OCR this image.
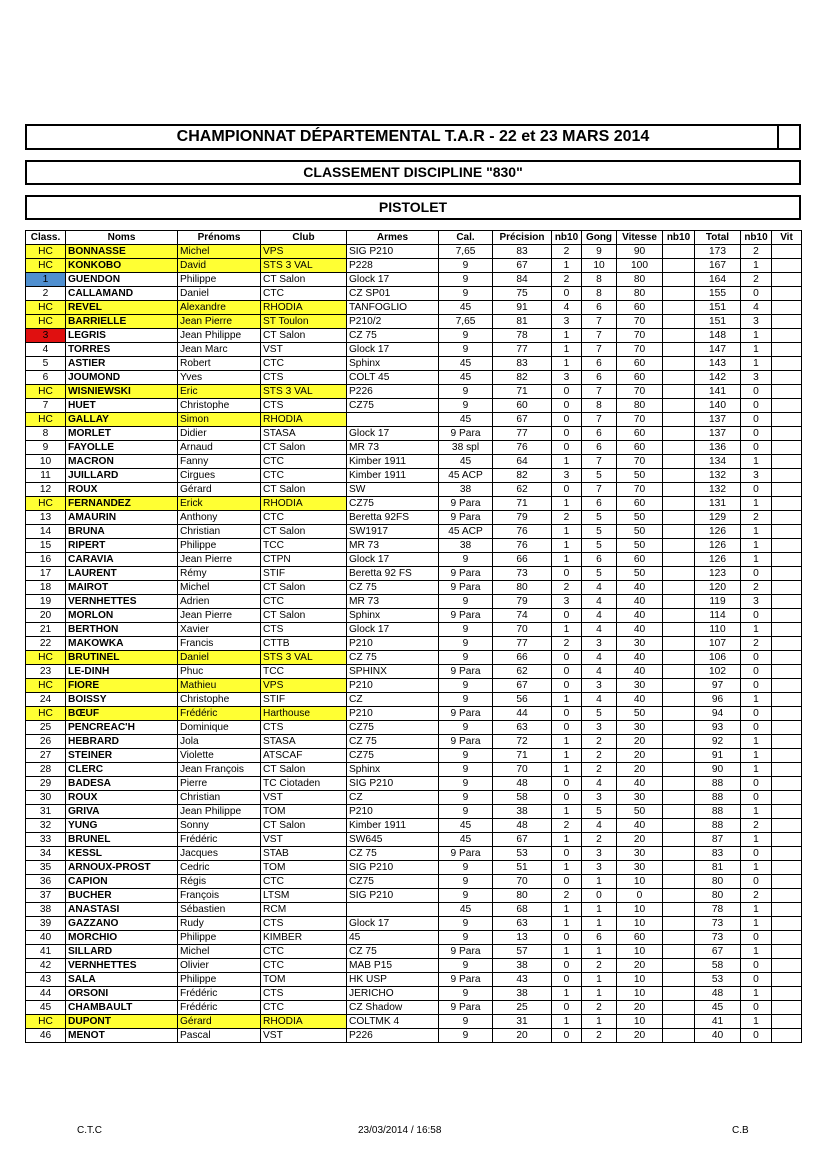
CHAMPIONNAT DÉPARTEMENTAL T.A.R - 22 et 23 MARS 2014
CLASSEMENT DISCIPLINE "830"
PISTOLET
Class.	Noms	Prénoms	Club	Armes	Cal.	Précision	nb10	Gong	Vitesse	nb10	Total	nb10	Vit
HC	BONNASSE	Michel	VPS	SIG P210	7,65	83	2	9	90		173	2	
HC	KONKOBO	David	STS 3 VAL	P228	9	67	1	10	100		167	1	
1	GUENDON	Philippe	CT Salon	Glock 17	9	84	2	8	80		164	2	
2	CALLAMAND	Daniel	CTC	CZ SP01	9	75	0	8	80		155	0	
HC	REVEL	Alexandre	RHODIA	TANFOGLIO	45	91	4	6	60		151	4	
HC	BARRIELLE	Jean Pierre	ST Toulon	P210/2	7,65	81	3	7	70		151	3	
3	LEGRIS	Jean Philippe	CT Salon	CZ 75	9	78	1	7	70		148	1	
4	TORRES	Jean Marc	VST	Glock 17	9	77	1	7	70		147	1	
5	ASTIER	Robert	CTC	Sphinx	45	83	1	6	60		143	1	
6	JOUMOND	Yves	CTS	COLT 45	45	82	3	6	60		142	3	
HC	WISNIEWSKI	Eric	STS 3 VAL	P226	9	71	0	7	70		141	0	
7	HUET	Christophe	CTS	CZ75	9	60	0	8	80		140	0	
HC	GALLAY	Simon	RHODIA		45	67	0	7	70		137	0	
8	MORLET	Didier	STASA	Glock 17	9 Para	77	0	6	60		137	0	
9	FAYOLLE	Arnaud	CT Salon	MR 73	38 spl	76	0	6	60		136	0	
10	MACRON	Fanny	CTC	Kimber 1911	45	64	1	7	70		134	1	
11	JUILLARD	Cirgues	CTC	Kimber 1911	45 ACP	82	3	5	50		132	3	
12	ROUX	Gérard	CT Salon	SW	38	62	0	7	70		132	0	
HC	FERNANDEZ	Erick	RHODIA	CZ75	9 Para	71	1	6	60		131	1	
13	AMAURIN	Anthony	CTC	Beretta 92FS	9 Para	79	2	5	50		129	2	
14	BRUNA	Christian	CT Salon	SW1917	45 ACP	76	1	5	50		126	1	
15	RIPERT	Philippe	TCC	MR 73	38	76	1	5	50		126	1	
16	CARAVIA	Jean Pierre	CTPN	Glock 17	9	66	1	6	60		126	1	
17	LAURENT	Rémy	STIF	Beretta 92 FS	9 Para	73	0	5	50		123	0	
18	MAIROT	Michel	CT Salon	CZ 75	9 Para	80	2	4	40		120	2	
19	VERNHETTES	Adrien	CTC	MR 73	9	79	3	4	40		119	3	
20	MORLON	Jean Pierre	CT Salon	Sphinx	9 Para	74	0	4	40		114	0	
21	BERTHON	Xavier	CTS	Glock 17	9	70	1	4	40		110	1	
22	MAKOWKA	Francis	CTTB	P210	9	77	2	3	30		107	2	
HC	BRUTINEL	Daniel	STS 3 VAL	CZ 75	9	66	0	4	40		106	0	
23	LE-DINH	Phuc	TCC	SPHINX	9 Para	62	0	4	40		102	0	
HC	FIORE	Mathieu	VPS	P210	9	67	0	3	30		97	0	
24	BOISSY	Christophe	STIF	CZ	9	56	1	4	40		96	1	
HC	BŒUF	Frédéric	Harthouse	P210	9 Para	44	0	5	50		94	0	
25	PENCREAC'H	Dominique	CTS	CZ75	9	63	0	3	30		93	0	
26	HEBRARD	Jola	STASA	CZ 75	9 Para	72	1	2	20		92	1	
27	STEINER	Violette	ATSCAF	CZ75	9	71	1	2	20		91	1	
28	CLERC	Jean François	CT Salon	Sphinx	9	70	1	2	20		90	1	
29	BADESA	Pierre	TC Ciotaden	SIG P210	9	48	0	4	40		88	0	
30	ROUX	Christian	VST	CZ	9	58	0	3	30		88	0	
31	GRIVA	Jean Philippe	TOM	P210	9	38	1	5	50		88	1	
32	YUNG	Sonny	CT Salon	Kimber 1911	45	48	2	4	40		88	2	
33	BRUNEL	Frédéric	VST	SW645	45	67	1	2	20		87	1	
34	KESSL	Jacques	STAB	CZ 75	9 Para	53	0	3	30		83	0	
35	ARNOUX-PROST	Cedric	TOM	SIG P210	9	51	1	3	30		81	1	
36	CAPION	Régis	CTC	CZ75	9	70	0	1	10		80	0	
37	BUCHER	François	LTSM	SIG P210	9	80	2	0	0		80	2	
38	ANASTASI	Sébastien	RCM		45	68	1	1	10		78	1	
39	GAZZANO	Rudy	CTS	Glock 17	9	63	1	1	10		73	1	
40	MORCHIO	Philippe	KIMBER	45	9	13	0	6	60		73	0	
41	SILLARD	Michel	CTC	CZ 75	9 Para	57	1	1	10		67	1	
42	VERNHETTES	Olivier	CTC	MAB P15	9	38	0	2	20		58	0	
43	SALA	Philippe	TOM	HK USP	9 Para	43	0	1	10		53	0	
44	ORSONI	Frédéric	CTS	JERICHO	9	38	1	1	10		48	1	
45	CHAMBAULT	Frédéric	CTC	CZ Shadow	9 Para	25	0	2	20		45	0	
HC	DUPONT	Gérard	RHODIA	COLTMK 4	9	31	1	1	10		41	1	
46	MENOT	Pascal	VST	P226	9	20	0	2	20		40	0	
C.T.C	23/03/2014 / 16:58	C.B
